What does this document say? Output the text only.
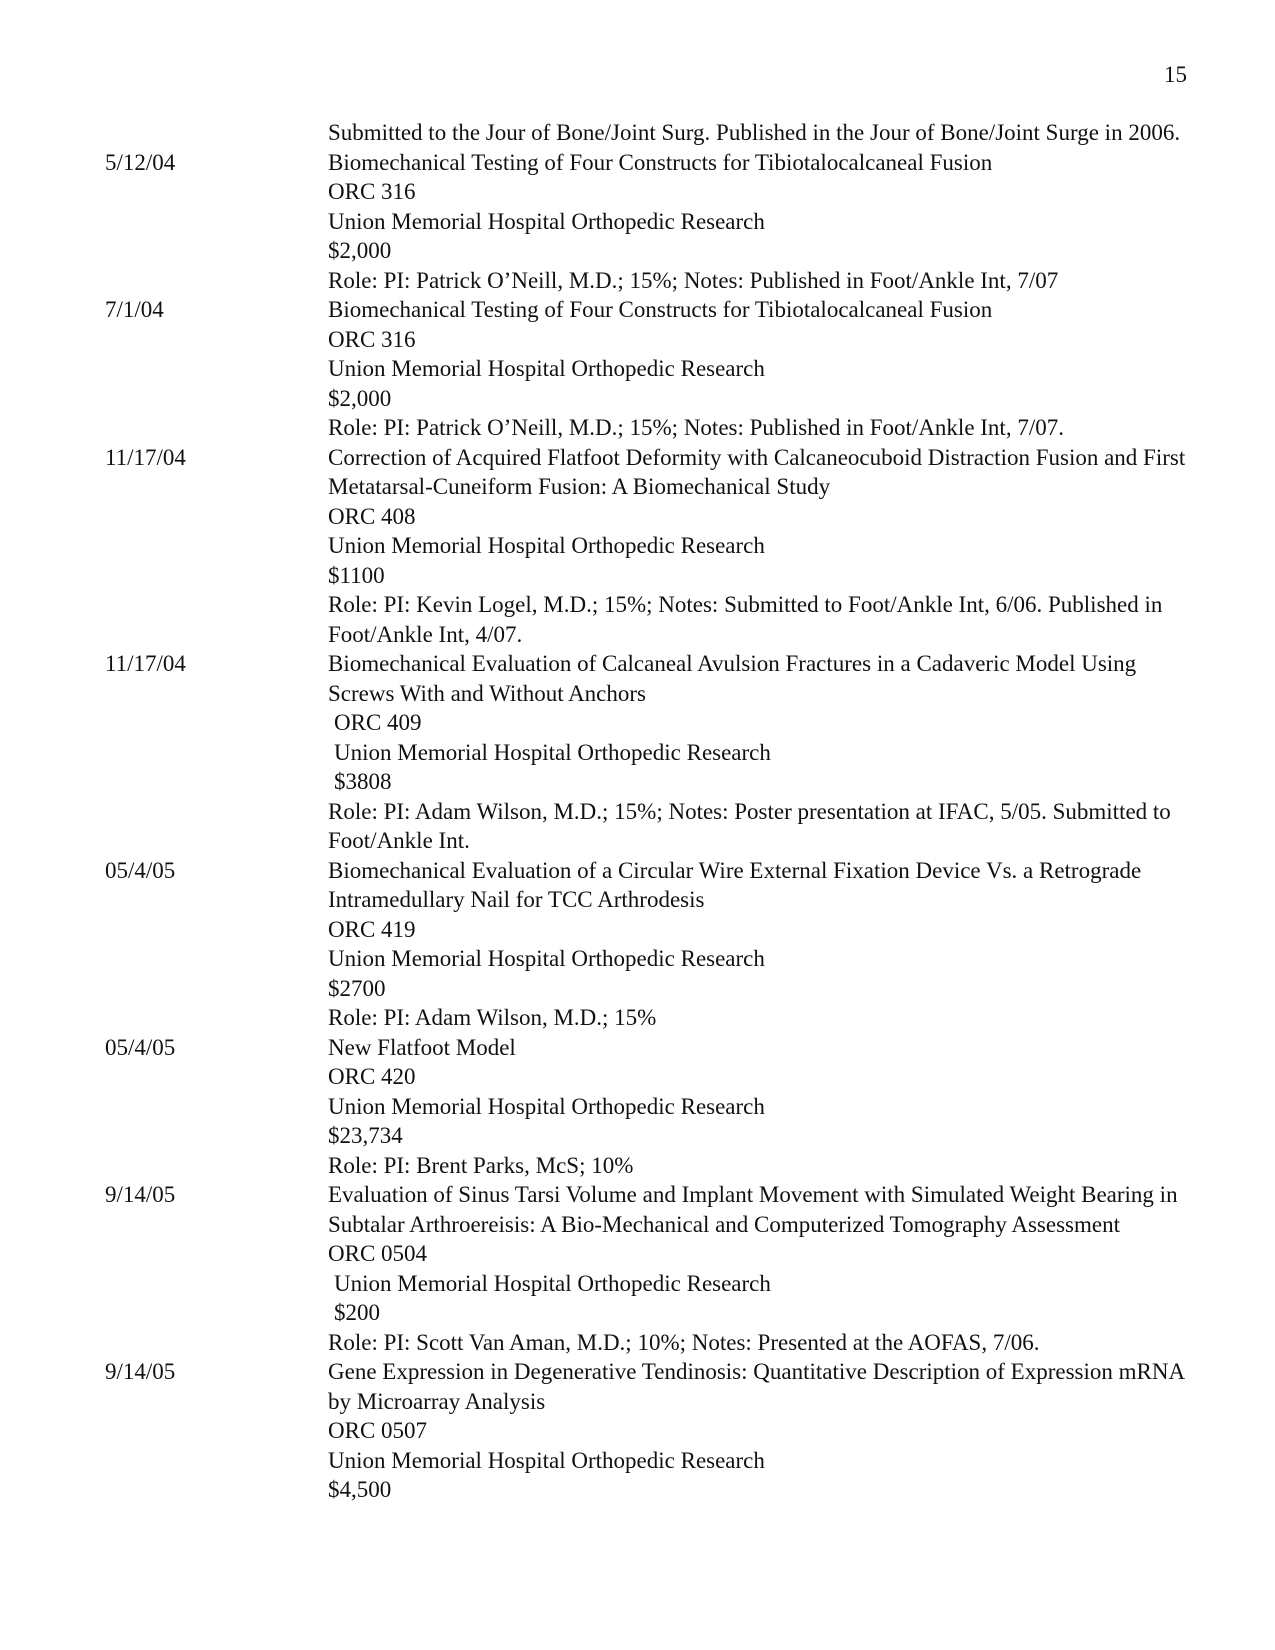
15
Submitted to the Jour of Bone/Joint Surg. Published in the Jour of Bone/Joint Surge in 2006.
5/12/04	Biomechanical Testing of Four Constructs for Tibiotalocalcaneal Fusion
ORC 316
Union Memorial Hospital Orthopedic Research
$2,000
Role: PI: Patrick O’Neill, M.D.; 15%; Notes: Published in Foot/Ankle Int, 7/07
7/1/04	Biomechanical Testing of Four Constructs for Tibiotalocalcaneal Fusion
ORC 316
Union Memorial Hospital Orthopedic Research
$2,000
Role: PI: Patrick O’Neill, M.D.; 15%; Notes: Published in Foot/Ankle Int, 7/07.
11/17/04	Correction of Acquired Flatfoot Deformity with Calcaneocuboid Distraction Fusion and First Metatarsal-Cuneiform Fusion: A Biomechanical Study
ORC 408
Union Memorial Hospital Orthopedic Research
$1100
Role: PI: Kevin Logel, M.D.; 15%; Notes: Submitted to Foot/Ankle Int, 6/06. Published in Foot/Ankle Int, 4/07.
11/17/04	Biomechanical Evaluation of Calcaneal Avulsion Fractures in a Cadaveric Model Using Screws With and Without Anchors
ORC 409
Union Memorial Hospital Orthopedic Research
$3808
Role: PI: Adam Wilson, M.D.; 15%; Notes: Poster presentation at IFAC, 5/05. Submitted to Foot/Ankle Int.
05/4/05	Biomechanical Evaluation of a Circular Wire External Fixation Device Vs. a Retrograde Intramedullary Nail for TCC Arthrodesis
ORC 419
Union Memorial Hospital Orthopedic Research
$2700
Role: PI: Adam Wilson, M.D.; 15%
05/4/05	New Flatfoot Model
ORC 420
Union Memorial Hospital Orthopedic Research
$23,734
Role: PI: Brent Parks, McS; 10%
9/14/05	Evaluation of Sinus Tarsi Volume and Implant Movement with Simulated Weight Bearing in Subtalar Arthroereisis: A Bio-Mechanical and Computerized Tomography Assessment
ORC 0504
Union Memorial Hospital Orthopedic Research
$200
Role: PI: Scott Van Aman, M.D.; 10%; Notes: Presented at the AOFAS, 7/06.
9/14/05	Gene Expression in Degenerative Tendinosis: Quantitative Description of Expression mRNA by Microarray Analysis
ORC 0507
Union Memorial Hospital Orthopedic Research
$4,500
